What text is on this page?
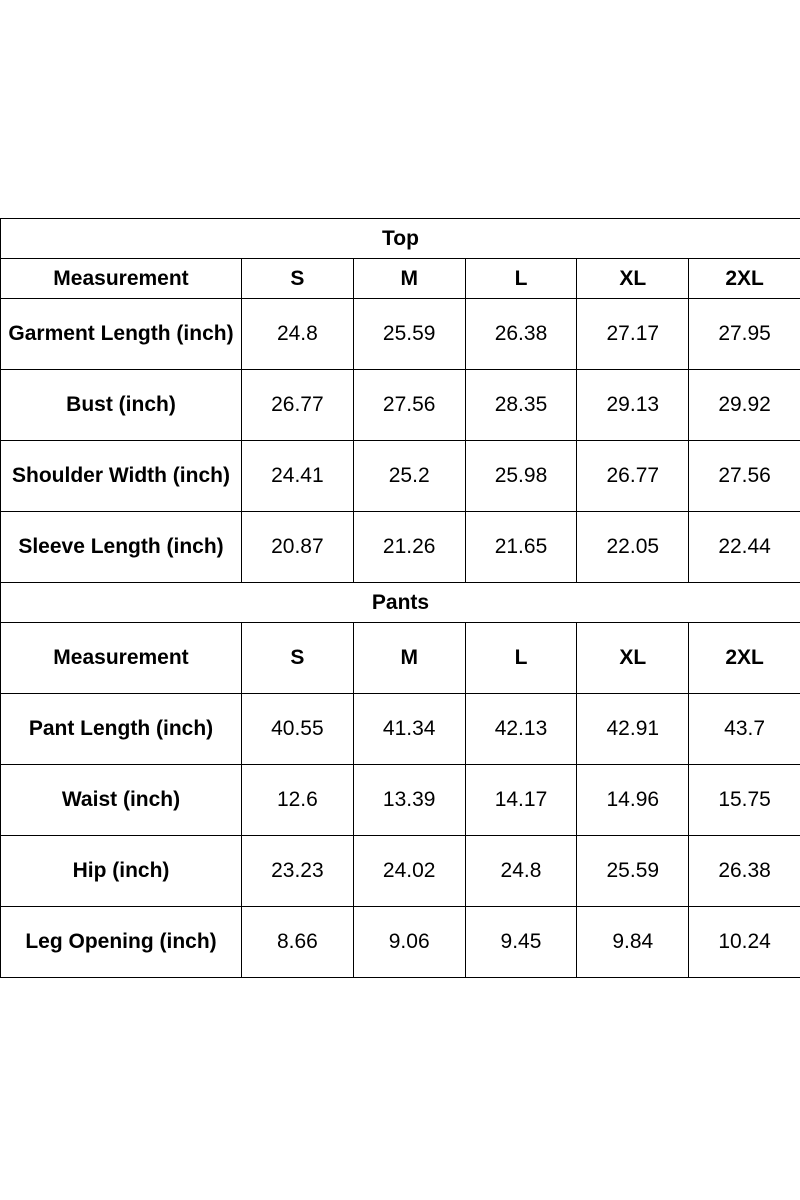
Top					
Measurement	S	M	L	XL	2XL
Garment Length (inch)	24.8	25.59	26.38	27.17	27.95
Bust (inch)	26.77	27.56	28.35	29.13	29.92
Shoulder Width (inch)	24.41	25.2	25.98	26.77	27.56
Sleeve Length (inch)	20.87	21.26	21.65	22.05	22.44
Pants					
Measurement	S	M	L	XL	2XL
Pant Length (inch)	40.55	41.34	42.13	42.91	43.7
Waist (inch)	12.6	13.39	14.17	14.96	15.75
Hip (inch)	23.23	24.02	24.8	25.59	26.38
Leg Opening (inch)	8.66	9.06	9.45	9.84	10.24
